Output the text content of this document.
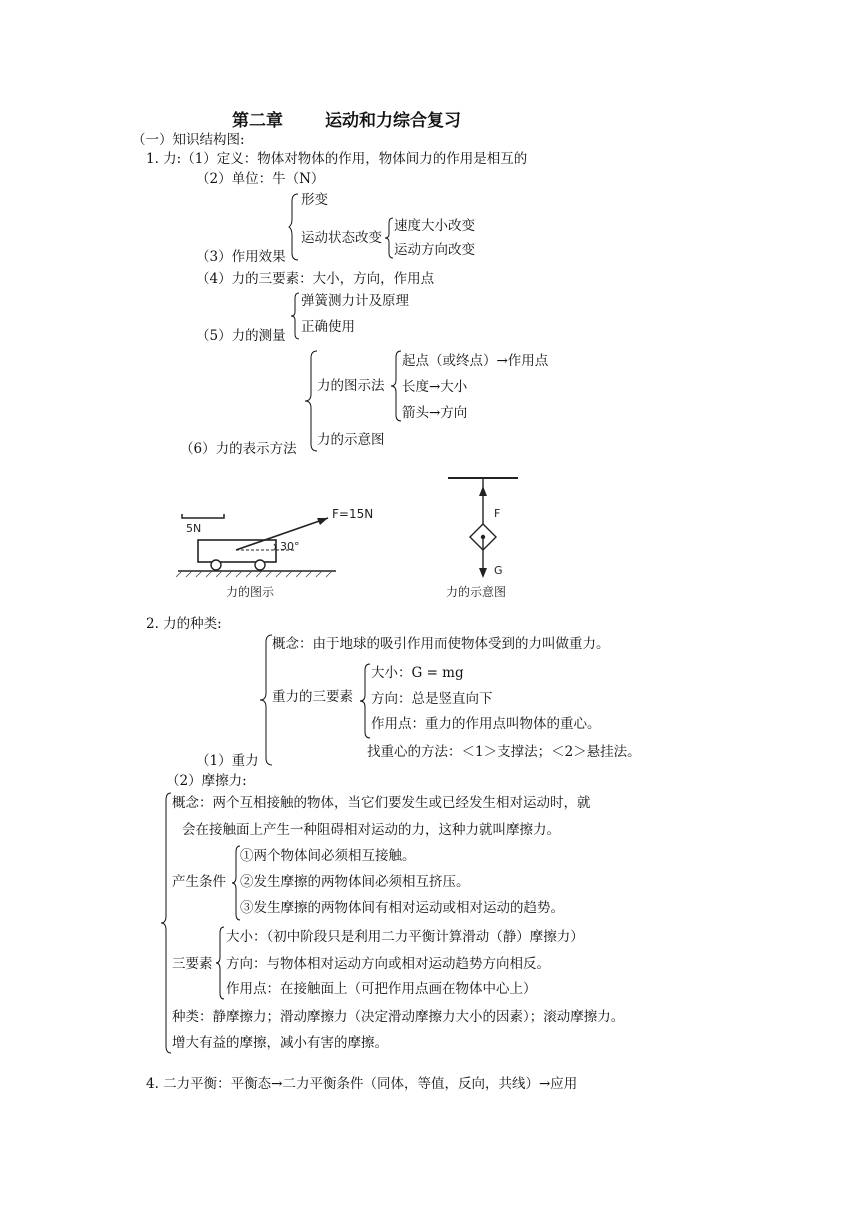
第二章 运动和力综合复习
（一）知识结构图:
1. 力:（1）定义：物体对物体的作用，物体间力的作用是相互的
（2）单位：牛（N）
形变
运动状态改变
速度大小改变
运动方向改变
（3）作用效果
（4）力的三要素：大小，方向，作用点
弹簧测力计及原理
正确使用
（5）力的测量
力的图示法
起点（或终点）→作用点
长度→大小
箭头→方向
力的示意图
（6）力的表示方法
5N
F=15N
30°
力的图示
F
G
力的示意图
2. 力的种类:
概念：由于地球的吸引作用而使物体受到的力叫做重力。
重力的三要素
大小：G = mg
方向：总是竖直向下
作用点：重力的作用点叫物体的重心。
找重心的方法：＜1＞支撑法；＜2＞悬挂法。
（1）重力
（2）摩擦力:
概念：两个互相接触的物体，当它们要发生或已经发生相对运动时，就
会在接触面上产生一种阻碍相对运动的力，这种力就叫摩擦力。
产生条件
①两个物体间必须相互接触。
②发生摩擦的两物体间必须相互挤压。
③发生摩擦的两物体间有相对运动或相对运动的趋势。
三要素
大小：（初中阶段只是利用二力平衡计算滑动（静）摩擦力）
方向：与物体相对运动方向或相对运动趋势方向相反。
作用点：在接触面上（可把作用点画在物体中心上）
种类：静摩擦力；滑动摩擦力（决定滑动摩擦力大小的因素）；滚动摩擦力。
增大有益的摩擦，减小有害的摩擦。
4. 二力平衡：平衡态→二力平衡条件（同体，等值，反向，共线）→应用
